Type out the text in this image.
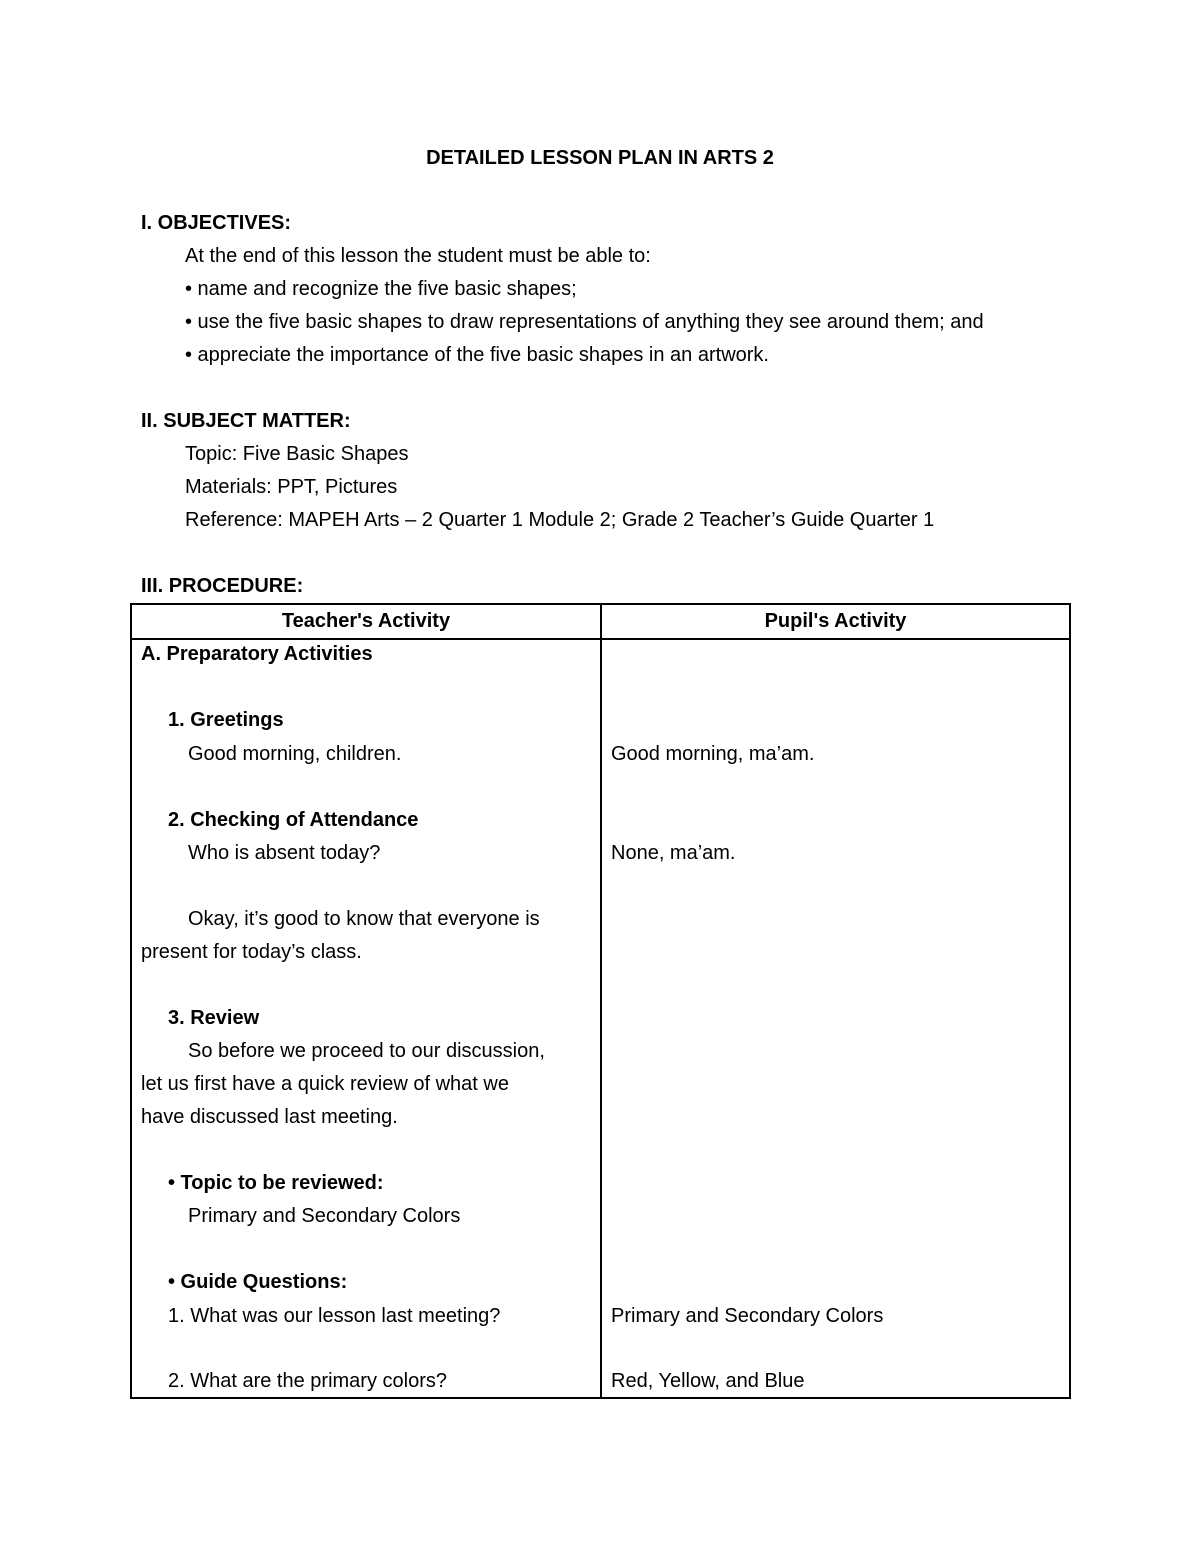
DETAILED LESSON PLAN IN ARTS 2
I. OBJECTIVES:
At the end of this lesson the student must be able to:
• name and recognize the five basic shapes;
• use the five basic shapes to draw representations of anything they see around them; and
• appreciate the importance of the five basic shapes in an artwork.
II. SUBJECT MATTER:
Topic: Five Basic Shapes
Materials: PPT, Pictures
Reference: MAPEH Arts – 2 Quarter 1 Module 2; Grade 2 Teacher’s Guide Quarter 1
III. PROCEDURE:
Teacher's Activity	Pupil's Activity
A. Preparatory Activities
1. Greetings
Good morning, children.
2. Checking of Attendance
Who is absent today?
Okay, it’s good to know that everyone is
present for today’s class.
3. Review
So before we proceed to our discussion,
let us first have a quick review of what we
have discussed last meeting.
• Topic to be reviewed:
Primary and Secondary Colors
• Guide Questions:
1. What was our lesson last meeting?
2. What are the primary colors?
Good morning, ma’am.
None, ma’am.
Primary and Secondary Colors
Red, Yellow, and Blue
